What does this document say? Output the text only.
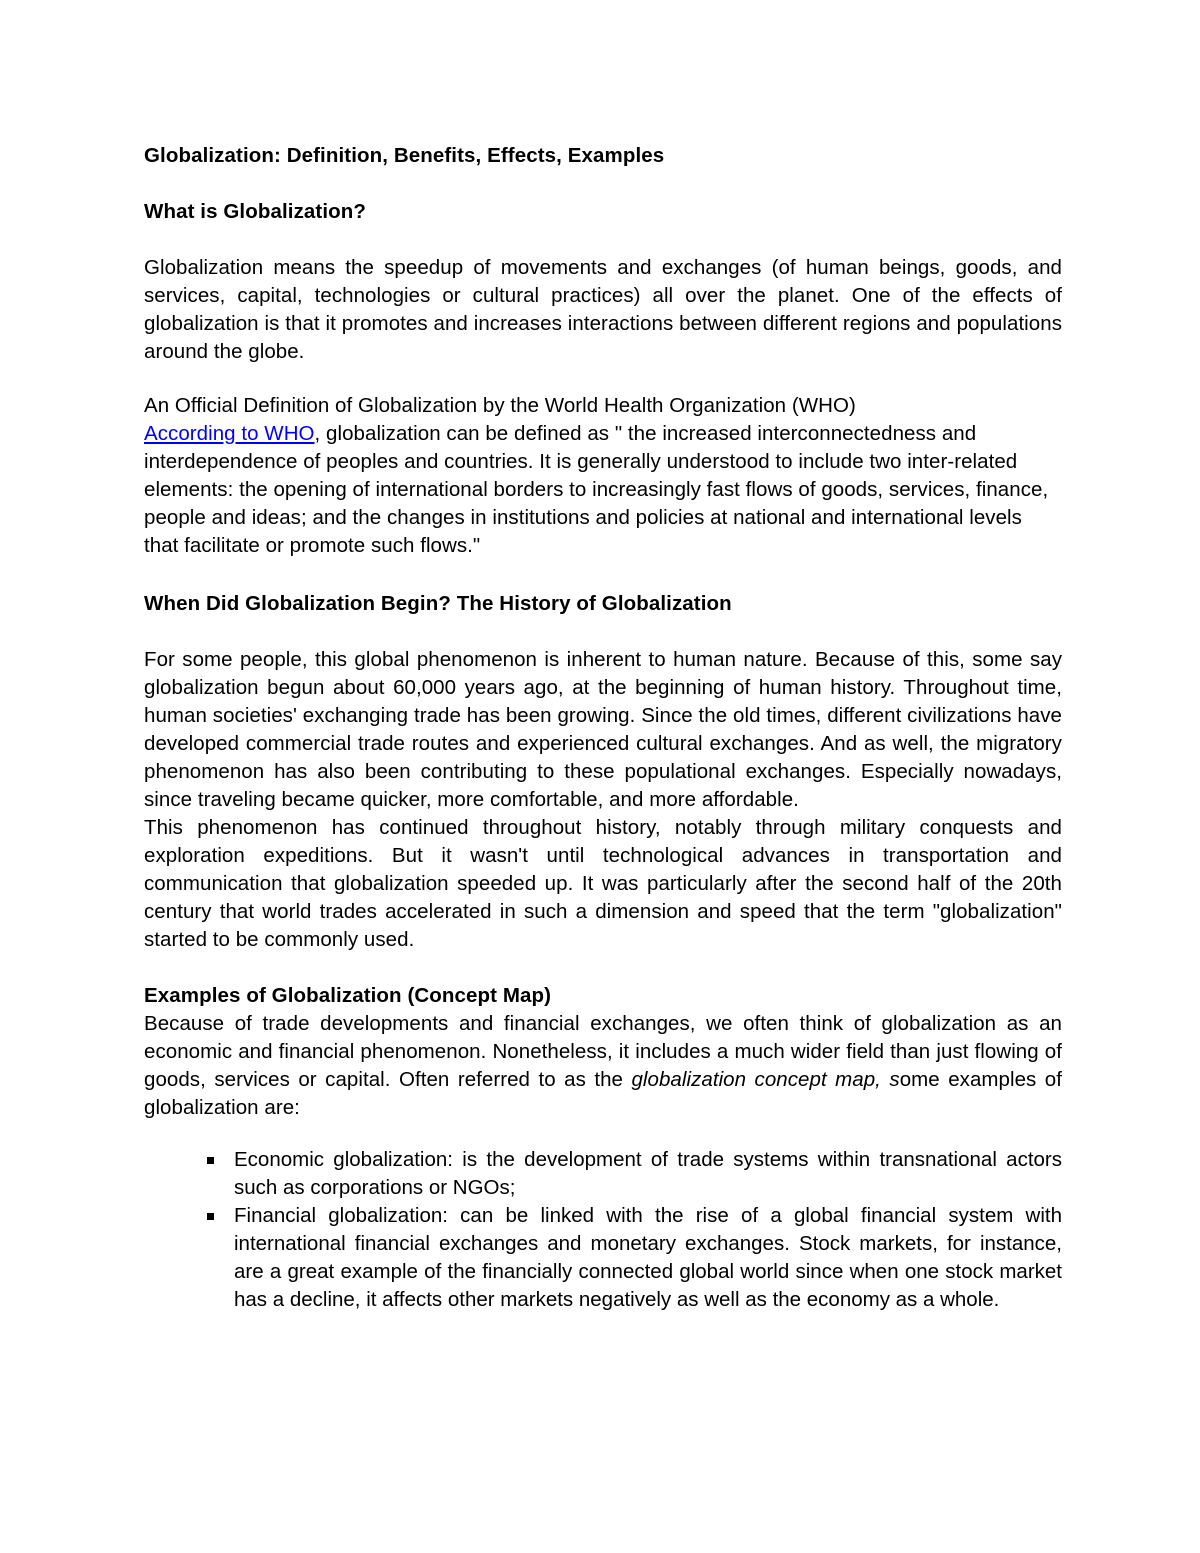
Globalization: Definition, Benefits, Effects, Examples
What is Globalization?

Globalization means the speedup of movements and exchanges (of human beings, goods, and services, capital, technologies or cultural practices) all over the planet. One of the effects of globalization is that it promotes and increases interactions between different regions and populations around the globe.

An Official Definition of Globalization by the World Health Organization (WHO)
According to WHO, globalization can be defined as " the increased interconnectedness and interdependence of peoples and countries. It is generally understood to include two inter-related elements: the opening of international borders to increasingly fast flows of goods, services, finance, people and ideas; and the changes in institutions and policies at national and international levels that facilitate or promote such flows."

When Did Globalization Begin? The History of Globalization

For some people, this global phenomenon is inherent to human nature. Because of this, some say globalization begun about 60,000 years ago, at the beginning of human history. Throughout time, human societies' exchanging trade has been growing. Since the old times, different civilizations have developed commercial trade routes and experienced cultural exchanges. And as well, the migratory phenomenon has also been contributing to these populational exchanges. Especially nowadays, since traveling became quicker, more comfortable, and more affordable.

This phenomenon has continued throughout history, notably through military conquests and exploration expeditions. But it wasn't until technological advances in transportation and communication that globalization speeded up. It was particularly after the second half of the 20th century that world trades accelerated in such a dimension and speed that the term "globalization" started to be commonly used.

Examples of Globalization (Concept Map)

Because of trade developments and financial exchanges, we often think of globalization as an economic and financial phenomenon. Nonetheless, it includes a much wider field than just flowing of goods, services or capital. Often referred to as the globalization concept map, some examples of globalization are:

Economic globalization: is the development of trade systems within transnational actors such as corporations or NGOs;
Financial globalization: can be linked with the rise of a global financial system with international financial exchanges and monetary exchanges. Stock markets, for instance, are a great example of the financially connected global world since when one stock market has a decline, it affects other markets negatively as well as the economy as a whole.
